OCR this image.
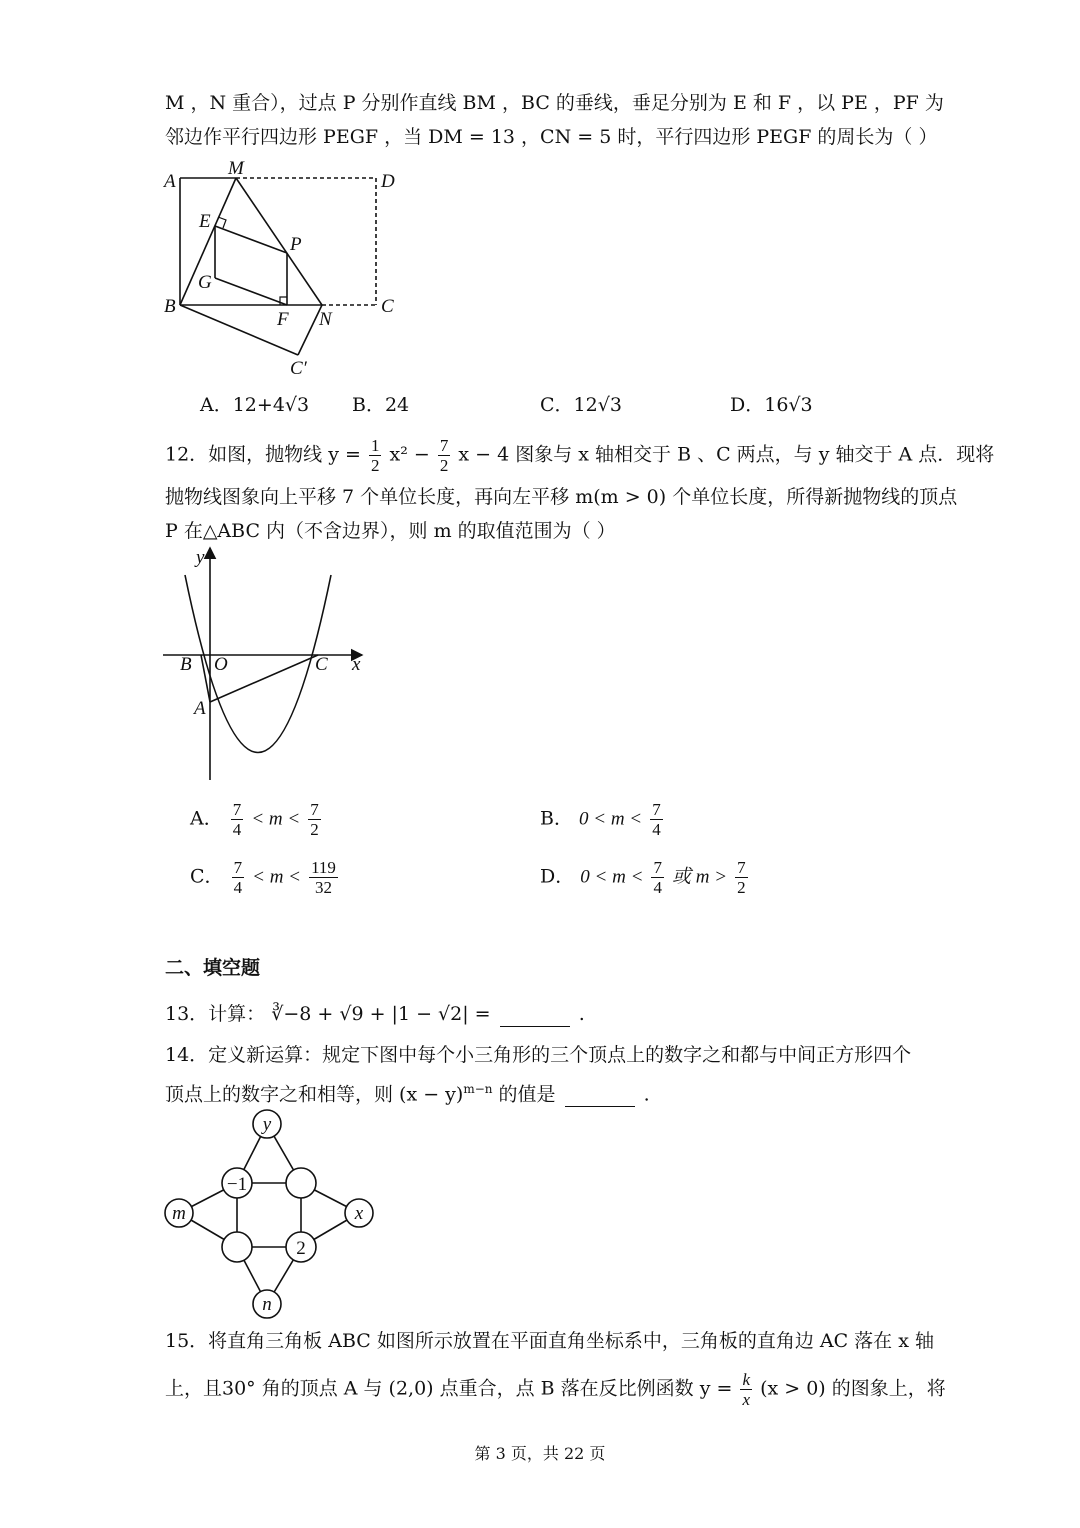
M ，N 重合），过点 P 分别作直线 BM ，BC 的垂线，垂足分别为 E 和 F ，以 PE ，PF 为
邻边作平行四边形 PEGF ，当 DM = 13 ，CN = 5 时，平行四边形 PEGF 的周长为（ ）
A
M
D
E
P
G
B
F N
C
C′
A．12+4√3 B．24	C．12√3	D．16√3
12．如图，抛物线 $y = \frac{1}{2} x^2 - \frac{7}{2}$ x − 4 图象与 x 轴相交于 B 、C 两点，与 y 轴交于 A 点．现将
抛物线图象向上平移 7 个单位长度，再向左平移 m(m > 0) 个单位长度，所得新抛物线的顶点
P 在△ABC 内（不含边界），则 m 的取值范围为（ ）
y
B O	C x
A
A． $\frac{7}{4} < m < \frac{7}{2}$	B． $0 < m < \frac{7}{4}$
C． $\frac{7}{4} < m < \frac{119}{32}$	D． $0 < m < \frac{7}{4}$ 或 $m > \frac{7}{2}$
二、填空题
13．计算： ∛−8 + √9 + |1 − √2| =	.
14．定义新运算：规定下图中每个小三角形的三个顶点上的数字之和都与中间正方形四个
顶点上的数字之和相等，则 $(x - y)^{m-n}$ 的值是	.
y
−1
m	x
2
n
15．将直角三角板 ABC 如图所示放置在平面直角坐标系中，三角板的直角边 AC 落在 x 轴
上，且30° 角的顶点 A 与 (2,0) 点重合，点 B 落在反比例函数 $y = \frac{k}{x} (x > 0)$ 的图象上，将
第 3 页，共 22 页
